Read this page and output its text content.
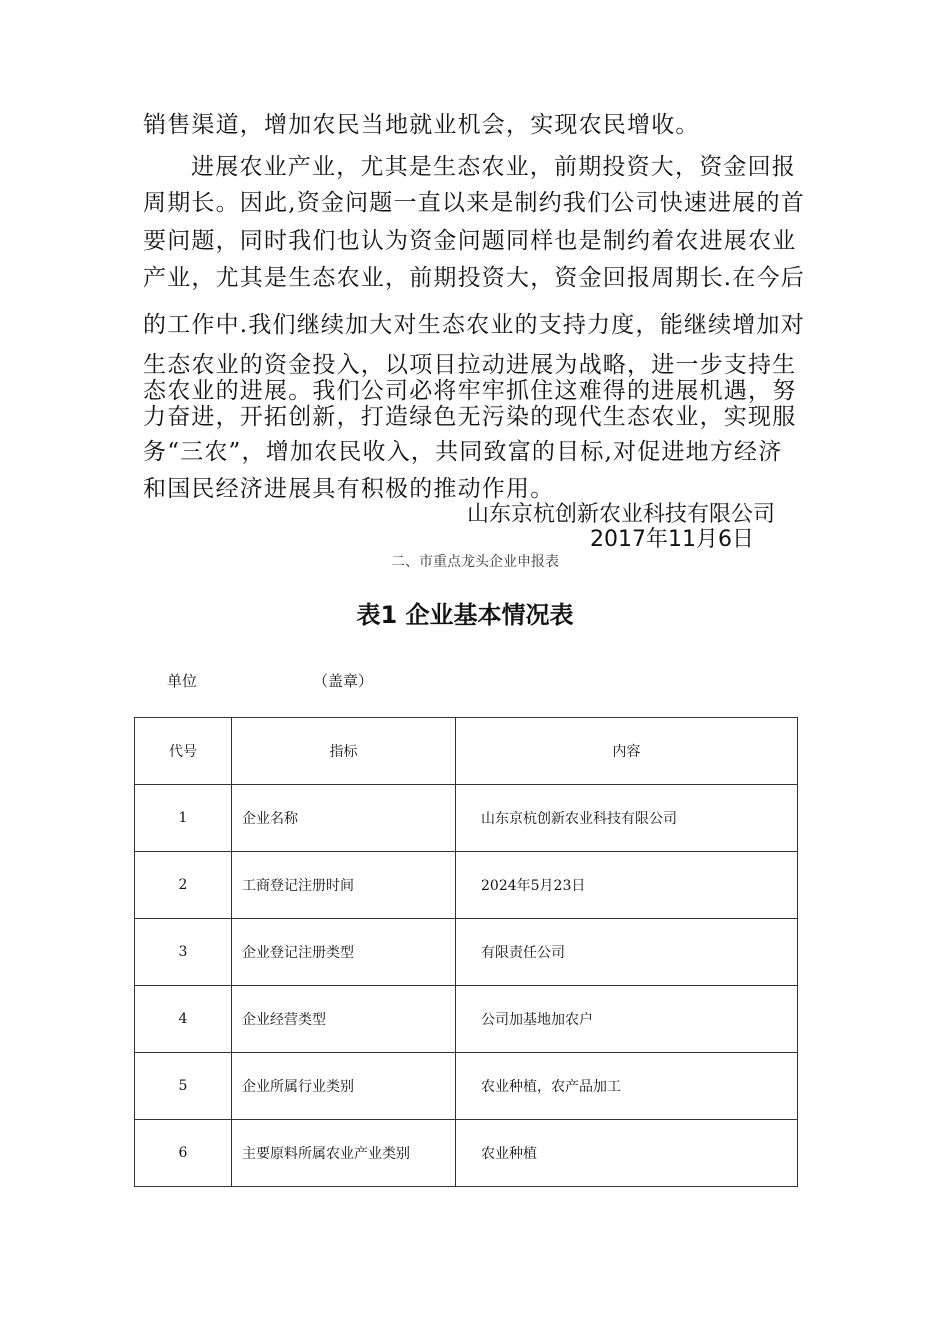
销售渠道，增加农民当地就业机会，实现农民增收。
进展农业产业，尤其是生态农业，前期投资大，资金回报
周期长。因此,资金问题一直以来是制约我们公司快速进展的首
要问题，同时我们也认为资金问题同样也是制约着农进展农业
产业，尤其是生态农业，前期投资大，资金回报周期长.在今后
的工作中.我们继续加大对生态农业的支持力度，能继续增加对
生态农业的资金投入，以项目拉动进展为战略，进一步支持生
态农业的进展。我们公司必将牢牢抓住这难得的进展机遇，努
力奋进，开拓创新，打造绿色无污染的现代生态农业，实现服
务“三农”，增加农民收入，共同致富的目标,对促进地方经济
和国民经济进展具有积极的推动作用。
山东京杭创新农业科技有限公司
2017年11月6日
二、市重点龙头企业申报表
表1 企业基本情况表
单位	（盖章）
代号	指标	内容
1	企业名称	山东京杭创新农业科技有限公司
2	工商登记注册时间	2024年5月23日
3	企业登记注册类型	有限责任公司
4	企业经营类型	公司加基地加农户
5	企业所属行业类别	农业种植，农产品加工
6	主要原料所属农业产业类别	农业种植
